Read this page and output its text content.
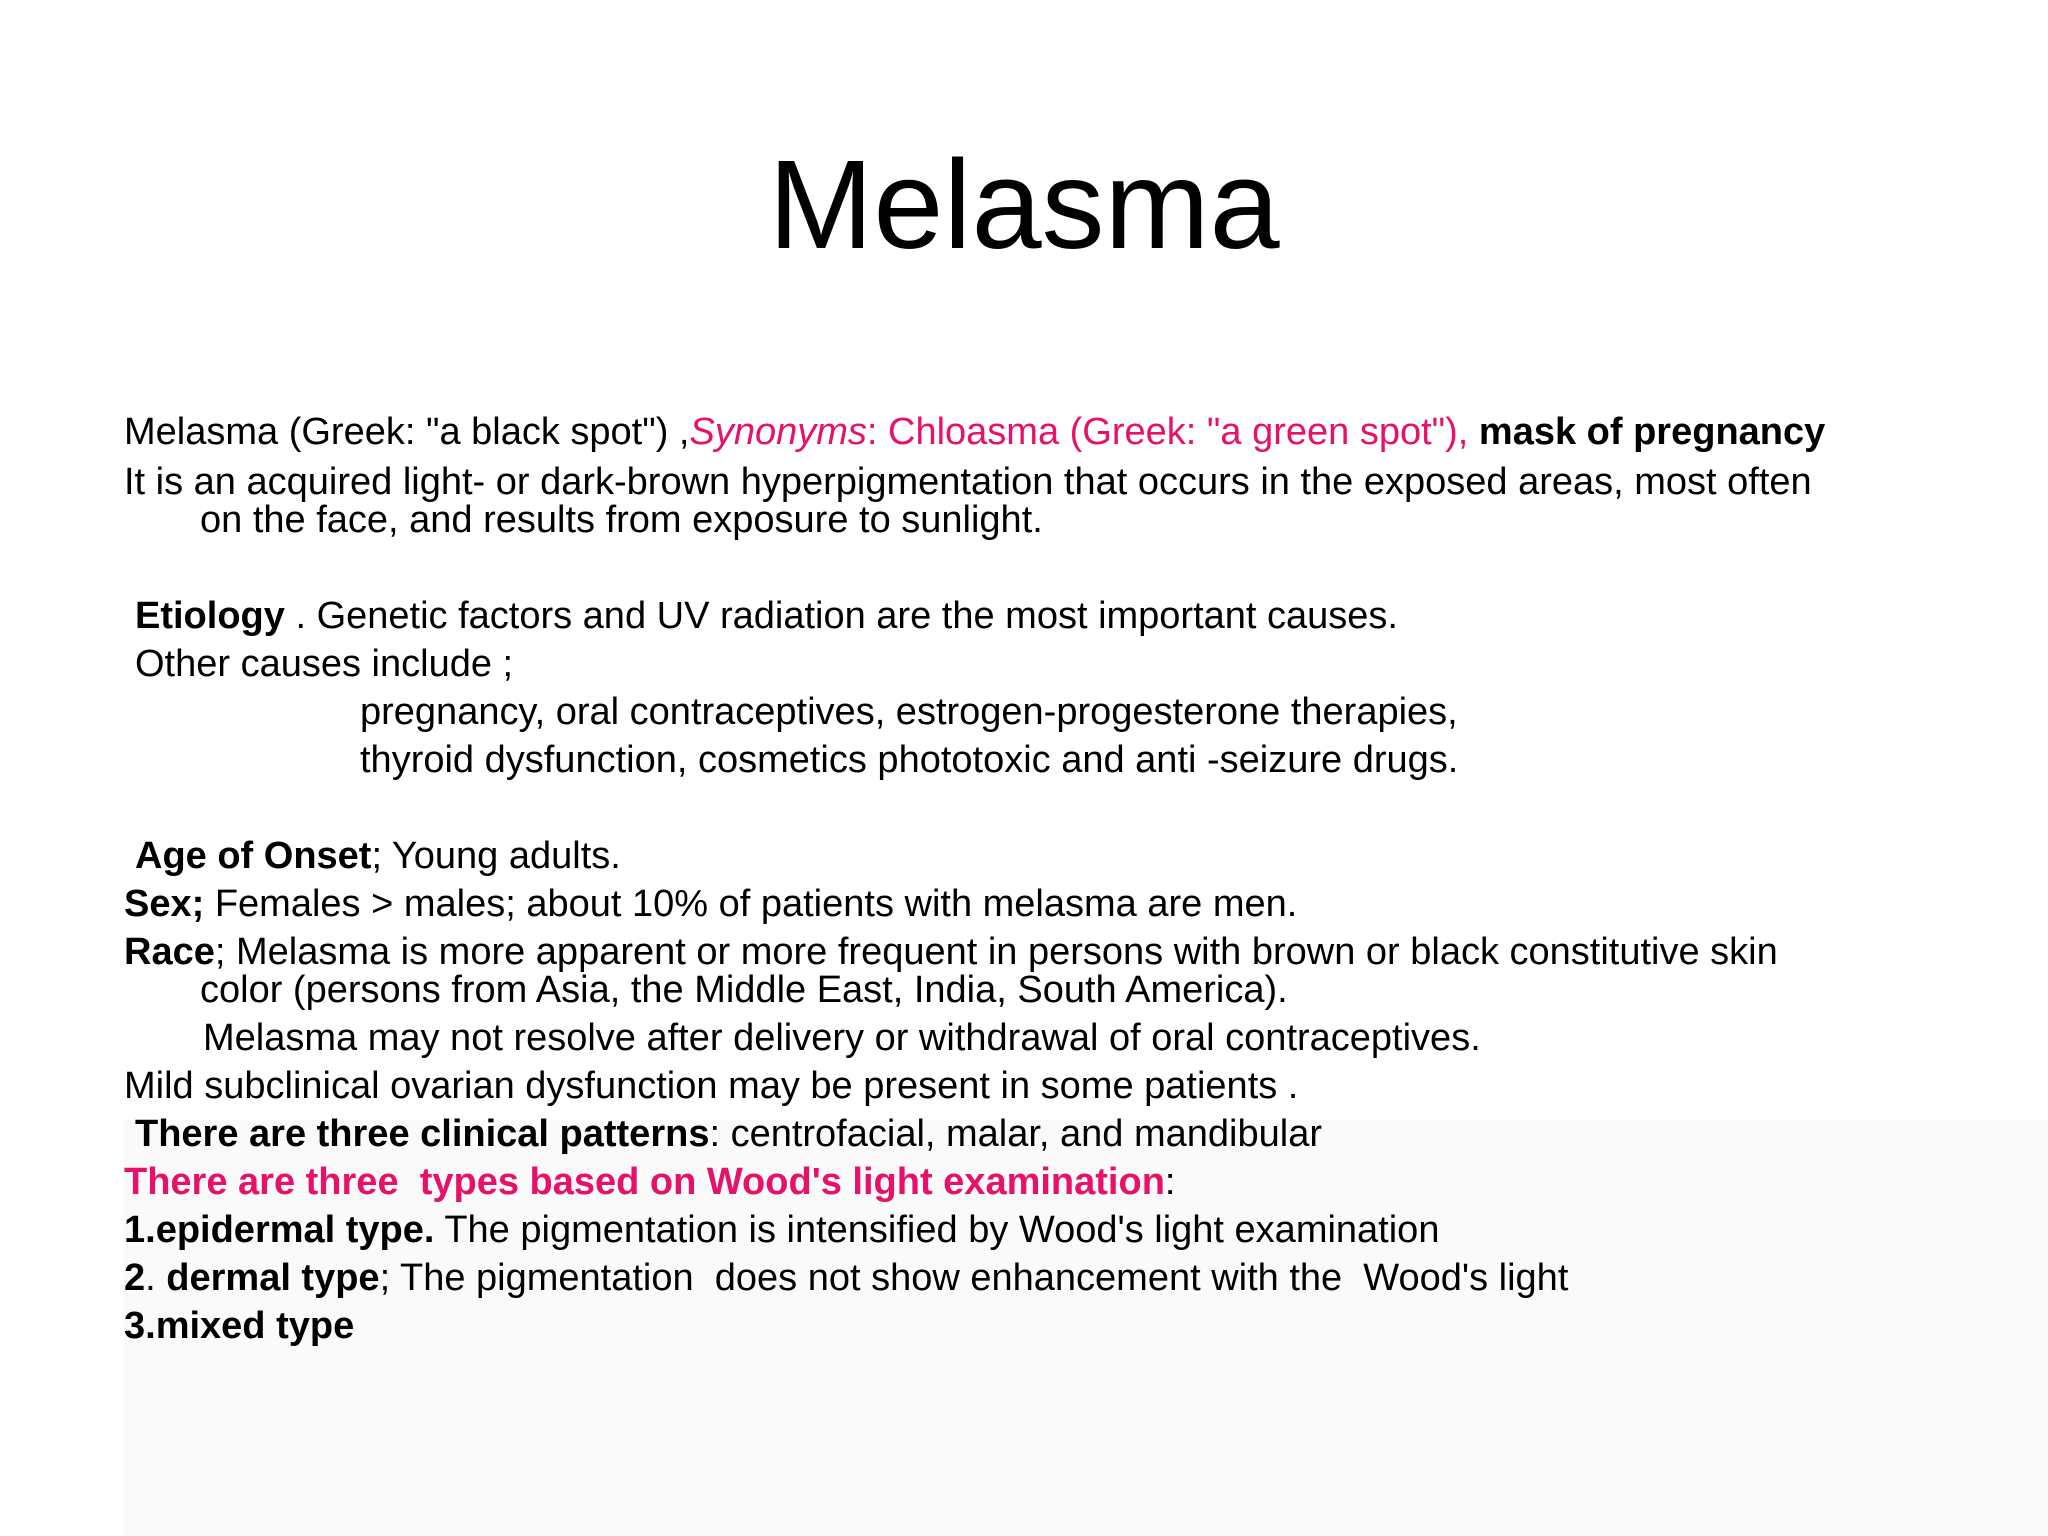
Melasma
Melasma (Greek: "a black spot") ,Synonyms: Chloasma (Greek: "a green spot"), mask of pregnancy
It is an acquired light- or dark-brown hyperpigmentation that occurs in the exposed areas, most often
on the face, and results from exposure to sunlight.
Etiology . Genetic factors and UV radiation are the most important causes.
Other causes include ;
pregnancy, oral contraceptives, estrogen-progesterone therapies,
thyroid dysfunction, cosmetics phototoxic and anti -seizure drugs.
Age of Onset; Young adults.
Sex; Females > males; about 10% of patients with melasma are men.
Race; Melasma is more apparent or more frequent in persons with brown or black constitutive skin
color (persons from Asia, the Middle East, India, South America).
Melasma may not resolve after delivery or withdrawal of oral contraceptives.
Mild subclinical ovarian dysfunction may be present in some patients .
There are three clinical patterns: centrofacial, malar, and mandibular
There are three  types based on Wood's light examination:
1.epidermal type. The pigmentation is intensified by Wood's light examination
2. dermal type; The pigmentation  does not show enhancement with the  Wood's light
3.mixed type
